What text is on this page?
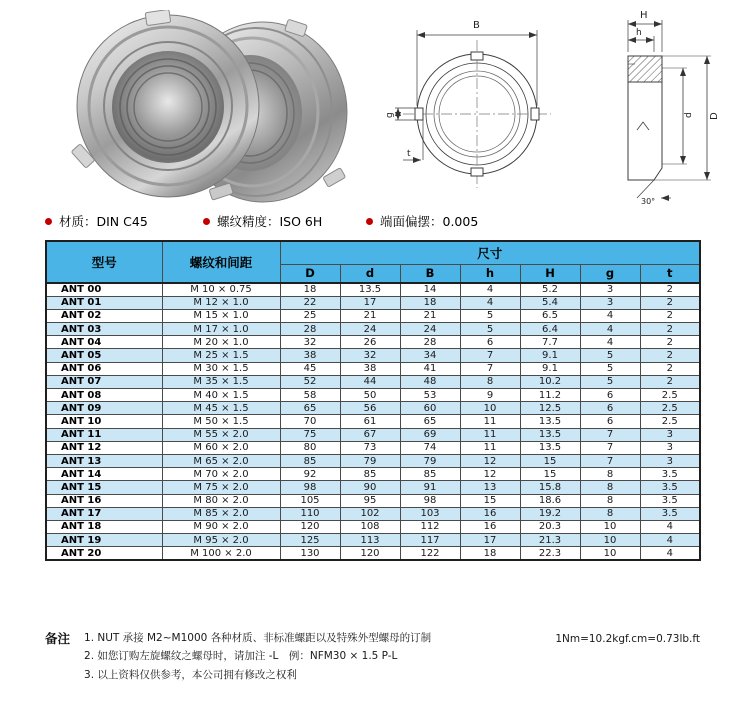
B
g
t
H
h
d D
30°
材质：DIN C45	螺纹精度：ISO 6H	端面偏摆：0.005
型号	螺纹和间距	尺寸						
		D	d	B	h	H	g	t
ANT 00	M 10 × 0.75	18	13.5	14	4	5.2	3	2
ANT 01	M 12 × 1.0	22	17	18	4	5.4	3	2
ANT 02	M 15 × 1.0	25	21	21	5	6.5	4	2
ANT 03	M 17 × 1.0	28	24	24	5	6.4	4	2
ANT 04	M 20 × 1.0	32	26	28	6	7.7	4	2
ANT 05	M 25 × 1.5	38	32	34	7	9.1	5	2
ANT 06	M 30 × 1.5	45	38	41	7	9.1	5	2
ANT 07	M 35 × 1.5	52	44	48	8	10.2	5	2
ANT 08	M 40 × 1.5	58	50	53	9	11.2	6	2.5
ANT 09	M 45 × 1.5	65	56	60	10	12.5	6	2.5
ANT 10	M 50 × 1.5	70	61	65	11	13.5	6	2.5
ANT 11	M 55 × 2.0	75	67	69	11	13.5	7	3
ANT 12	M 60 × 2.0	80	73	74	11	13.5	7	3
ANT 13	M 65 × 2.0	85	79	79	12	15	7	3
ANT 14	M 70 × 2.0	92	85	85	12	15	8	3.5
ANT 15	M 75 × 2.0	98	90	91	13	15.8	8	3.5
ANT 16	M 80 × 2.0	105	95	98	15	18.6	8	3.5
ANT 17	M 85 × 2.0	110	102	103	16	19.2	8	3.5
ANT 18	M 90 × 2.0	120	108	112	16	20.3	10	4
ANT 19	M 95 × 2.0	125	113	117	17	21.3	10	4
ANT 20	M 100 × 2.0	130	120	122	18	22.3	10	4
备注 1. NUT 承接 M2~M1000 各种材质、非标准螺距以及特殊外型螺母的订制
2. 如您订购左旋螺纹之螺母时，请加注 -L　例：NFM30 × 1.5 P-L
3. 以上资料仅供参考，本公司拥有修改之权利
1Nm=10.2kgf.cm=0.73lb.ft
